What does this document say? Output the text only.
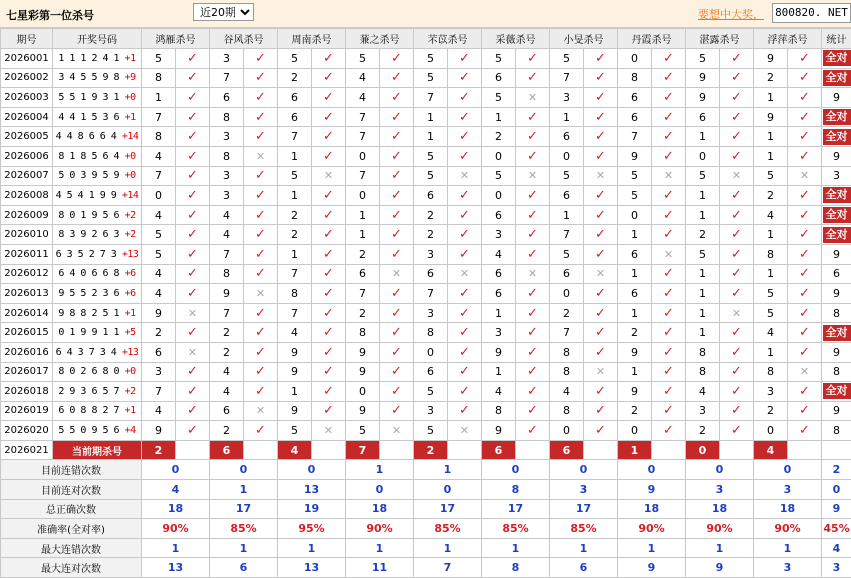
七星彩第一位杀号
近20期	要想中大奖， 800820. NET
期号	开奖号码	鸿雁杀号		谷风杀号		周南杀号		蒹之杀号		芣苡杀号		采薇杀号		小旻杀号		丹霞杀号		湛露杀号		浮萍杀号		统计
2026001	1 1 1 2 4 1 +1	5	✓	3	✓	5	✓	5	✓	5	✓	5	✓	5	✓	0	✓	5	✓	9	✓	全对
2026002	3 4 5 5 9 8 +9	8	✓	7	✓	2	✓	4	✓	5	✓	6	✓	7	✓	8	✓	9	✓	2	✓	全对
2026003	5 5 1 9 3 1 +0	1	✓	6	✓	6	✓	4	✓	7	✓	5	✕	3	✓	6	✓	9	✓	1	✓	9
2026004	4 4 1 5 3 6 +1	7	✓	8	✓	6	✓	7	✓	1	✓	1	✓	1	✓	6	✓	6	✓	9	✓	全对
2026005	4 4 8 6 6 4 +14	8	✓	3	✓	7	✓	7	✓	1	✓	2	✓	6	✓	7	✓	1	✓	1	✓	全对
2026006	8 1 8 5 6 4 +0	4	✓	8	✕	1	✓	0	✓	5	✓	0	✓	0	✓	9	✓	0	✓	1	✓	9
2026007	5 0 3 9 5 9 +0	7	✓	3	✓	5	✕	7	✓	5	✕	5	✕	5	✕	5	✕	5	✕	5	✕	3
2026008	4 5 4 1 9 9 +14	0	✓	3	✓	1	✓	0	✓	6	✓	0	✓	6	✓	5	✓	1	✓	2	✓	全对
2026009	8 0 1 9 5 6 +2	4	✓	4	✓	2	✓	1	✓	2	✓	6	✓	1	✓	0	✓	1	✓	4	✓	全对
2026010	8 3 9 2 6 3 +2	5	✓	4	✓	2	✓	1	✓	2	✓	3	✓	7	✓	1	✓	2	✓	1	✓	全对
2026011	6 3 5 2 7 3 +13	5	✓	7	✓	1	✓	2	✓	3	✓	4	✓	5	✓	6	✕	5	✓	8	✓	9
2026012	6 4 0 6 6 8 +6	4	✓	8	✓	7	✓	6	✕	6	✕	6	✕	6	✕	1	✓	1	✓	1	✓	6
2026013	9 5 5 2 3 6 +6	4	✓	9	✕	8	✓	7	✓	7	✓	6	✓	0	✓	6	✓	1	✓	5	✓	9
2026014	9 8 8 2 5 1 +1	9	✕	7	✓	7	✓	2	✓	3	✓	1	✓	2	✓	1	✓	1	✕	5	✓	8
2026015	0 1 9 9 1 1 +5	2	✓	2	✓	4	✓	8	✓	8	✓	3	✓	7	✓	2	✓	1	✓	4	✓	全对
2026016	6 4 3 7 3 4 +13	6	✕	2	✓	9	✓	9	✓	0	✓	9	✓	8	✓	9	✓	8	✓	1	✓	9
2026017	8 0 2 6 8 0 +0	3	✓	4	✓	9	✓	9	✓	6	✓	1	✓	8	✕	1	✓	8	✓	8	✕	8
2026018	2 9 3 6 5 7 +2	7	✓	4	✓	1	✓	0	✓	5	✓	4	✓	4	✓	9	✓	4	✓	3	✓	全对
2026019	6 0 8 8 2 7 +1	4	✓	6	✕	9	✓	9	✓	3	✓	8	✓	8	✓	2	✓	3	✓	2	✓	9
2026020	5 5 0 9 5 6 +4	9	✓	2	✓	5	✕	5	✕	5	✕	9	✓	0	✓	0	✓	2	✓	0	✓	8
2026021	当前期杀号	2		6		4		7		2		6		6		1		0		4		
目前连错次数		0		0		0		1		1		0		0		0		0		0		2
目前连对次数		4		1		13		0		0		8		3		9		3		3		0
总正确次数		18		17		19		18		17		17		17		18		18		18		9
准确率(全对率)		90%		85%		95%		90%		85%		85%		85%		90%		90%		90%		45%
最大连错次数		1		1		1		1		1		1		1		1		1		1		4
最大连对次数		13		6		13		11		7		8		6		9		9		3		3
